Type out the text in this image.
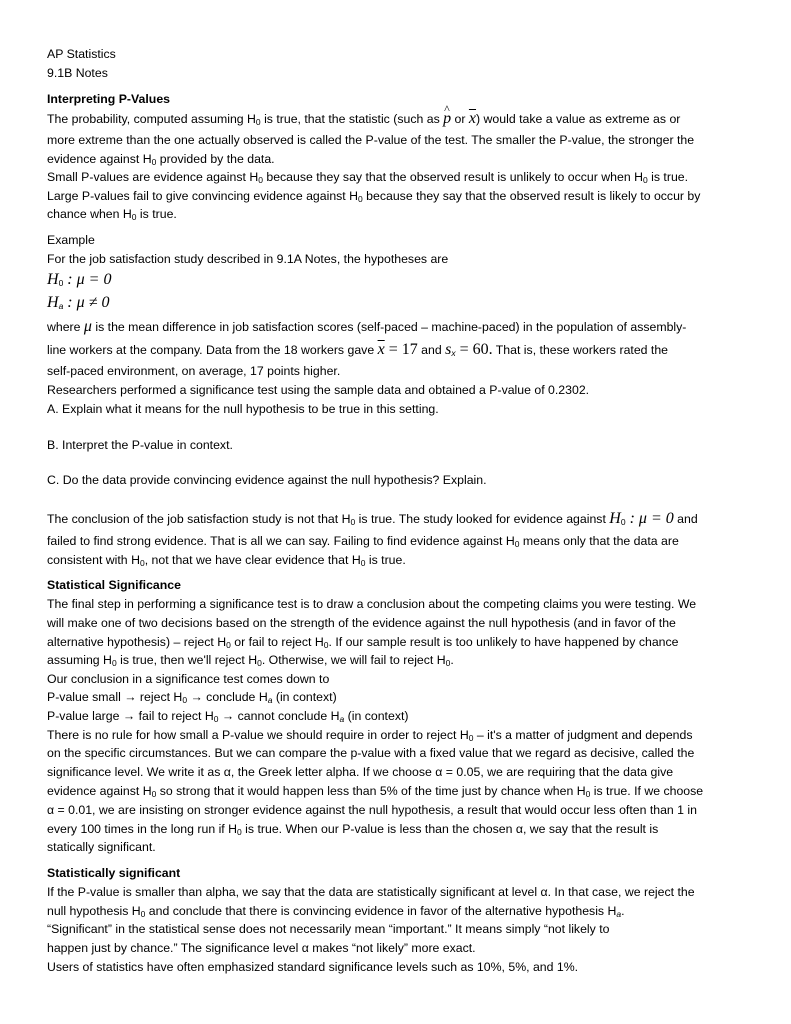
AP Statistics
9.1B Notes
Interpreting P-Values
The probability, computed assuming $H_0$ is true, that the statistic (such as ^ p or $\overline{x}$) would take a value as extreme as or
more extreme than the one actually observed is called the P-value of the test. The smaller the P-value, the stronger the
evidence against $H_0$ provided by the data.
Small P-values are evidence against $H_0$ because they say that the observed result is unlikely to occur when $H_0$ is true.
Large P-values fail to give convincing evidence against $H_0$ because they say that the observed result is likely to occur by
chance when $H_0$ is true.
Example
For the job satisfaction study described in 9.1A Notes, the hypotheses are
$H_0$ : μ = 0
$H_a$ : μ ≠ 0
where μ is the mean difference in job satisfaction scores (self-paced – machine-paced) in the population of assembly-
line workers at the company. Data from the 18 workers gave $\overline{x} = 17$ and $s_x = 60$. That is, these workers rated the
self-paced environment, on average, 17 points higher.
Researchers performed a significance test using the sample data and obtained a P-value of 0.2302.
A. Explain what it means for the null hypothesis to be true in this setting.
B. Interpret the P-value in context.
C. Do the data provide convincing evidence against the null hypothesis? Explain.
The conclusion of the job satisfaction study is not that $H_0$ is true. The study looked for evidence against $H_0$ : μ = 0 and
failed to find strong evidence. That is all we can say. Failing to find evidence against $H_0$ means only that the data are
consistent with $H_0$, not that we have clear evidence that $H_0$ is true.
Statistical Significance
The final step in performing a significance test is to draw a conclusion about the competing claims you were testing. We
will make one of two decisions based on the strength of the evidence against the null hypothesis (and in favor of the
alternative hypothesis) – reject $H_0$ or fail to reject $H_0$. If our sample result is too unlikely to have happened by chance
assuming $H_0$ is true, then we'll reject $H_0$. Otherwise, we will fail to reject $H_0$.
Our conclusion in a significance test comes down to
P-value small → reject $H_0$ → conclude $H_a$ (in context)
P-value large → fail to reject $H_0$ → cannot conclude $H_a$ (in context)
There is no rule for how small a P-value we should require in order to reject $H_0 - it's$ a matter of judgment and depends
on the specific circumstances. But we can compare the p-value with a fixed value that we regard as decisive, called the
significance level. We write it as α, the Greek letter alpha. If we choose α = 0.05, we are requiring that the data give
evidence against $H_0$ so strong that it would happen less than 5% of the time just by chance when $H_0$ is true. If we choose
α = 0.01, we are insisting on stronger evidence against the null hypothesis, a result that would occur less often than 1 in
every 100 times in the long run if $H_0$ is true. When our P-value is less than the chosen α, we say that the result is
statically significant.
Statistically significant
If the P-value is smaller than alpha, we say that the data are statistically significant at level α. In that case, we reject the
null hypothesis $H_0$ and conclude that there is convincing evidence in favor of the alternative hypothesis $H_a$.
“Significant” in the statistical sense does not necessarily mean “important.” It means simply “not likely to
happen just by chance.” The significance level α makes “not likely” more exact.
Users of statistics have often emphasized standard significance levels such as 10%, 5%, and 1%.
